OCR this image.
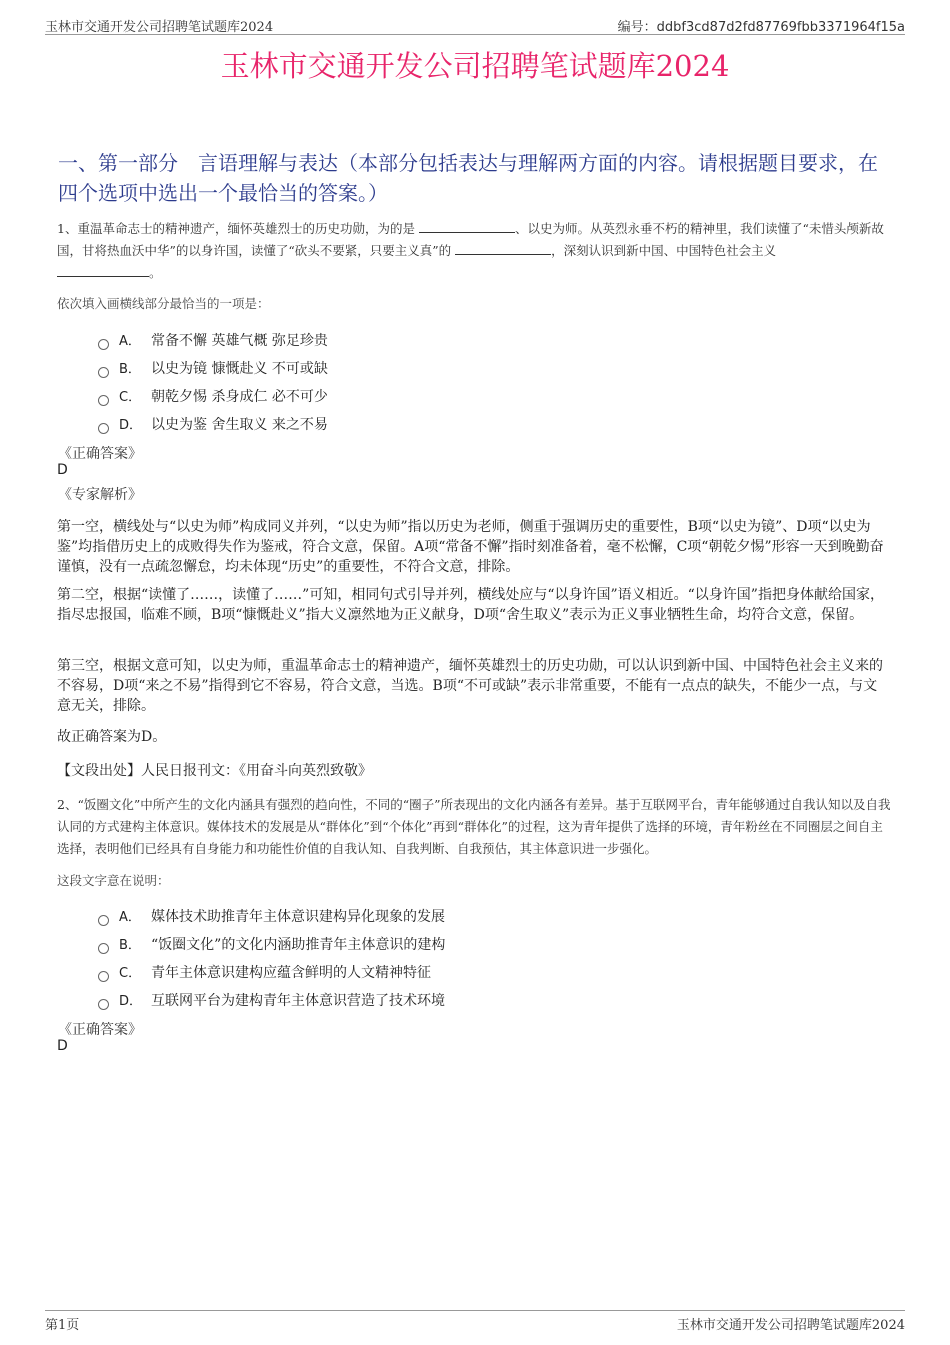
玉林市交通开发公司招聘笔试题库2024	编号：ddbf3cd87d2fd87769fbb3371964f15a
玉林市交通开发公司招聘笔试题库2024
一、第一部分　言语理解与表达（本部分包括表达与理解两方面的内容。请根据题目要求，在四个选项中选出一个最恰当的答案。）
1、重温革命志士的精神遗产，缅怀英雄烈士的历史功勋，为的是	、以史为师。从英烈永垂不朽的精神里，我们读懂了“未惜头颅新故国，甘将热血沃中华”的以身许国，读懂了“砍头不要紧，只要主义真”的	，深刻认识到新中国、中国特色社会主义
。
依次填入画横线部分最恰当的一项是：
A． 常备不懈 英雄气概 弥足珍贵
B． 以史为镜 慷慨赴义 不可或缺
C． 朝乾夕惕 杀身成仁 必不可少
D． 以史为鉴 舍生取义 来之不易
《正确答案》
D
《专家解析》
第一空，横线处与“以史为师”构成同义并列，“以史为师”指以历史为老师，侧重于强调历史的重要性，B项“以史为镜”、D项“以史为鉴”均指借历史上的成败得失作为鉴戒，符合文意，保留。A项“常备不懈”指时刻准备着，毫不松懈，C项“朝乾夕惕”形容一天到晚勤奋谨慎，没有一点疏忽懈怠，均未体现“历史”的重要性，不符合文意，排除。
第二空，根据“读懂了……，读懂了……”可知，相同句式引导并列，横线处应与“以身许国”语义相近。“以身许国”指把身体献给国家，指尽忠报国，临难不顾，B项“慷慨赴义”指大义凛然地为正义献身，D项“舍生取义”表示为正义事业牺牲生命，均符合文意，保留。
第三空，根据文意可知，以史为师，重温革命志士的精神遗产，缅怀英雄烈士的历史功勋，可以认识到新中国、中国特色社会主义来的不容易，D项“来之不易”指得到它不容易，符合文意，当选。B项“不可或缺”表示非常重要，不能有一点点的缺失，不能少一点，与文意无关，排除。
故正确答案为D。
【文段出处】人民日报刊文：《用奋斗向英烈致敬》
2、“饭圈文化”中所产生的文化内涵具有强烈的趋向性，不同的“圈子”所表现出的文化内涵各有差异。基于互联网平台，青年能够通过自我认知以及自我认同的方式建构主体意识。媒体技术的发展是从“群体化”到“个体化”再到“群体化”的过程，这为青年提供了选择的环境，青年粉丝在不同圈层之间自主选择，表明他们已经具有自身能力和功能性价值的自我认知、自我判断、自我预估，其主体意识进一步强化。
这段文字意在说明：
A． 媒体技术助推青年主体意识建构异化现象的发展
B． “饭圈文化”的文化内涵助推青年主体意识的建构
C． 青年主体意识建构应蕴含鲜明的人文精神特征
D． 互联网平台为建构青年主体意识营造了技术环境
《正确答案》
D
第1页	玉林市交通开发公司招聘笔试题库2024
